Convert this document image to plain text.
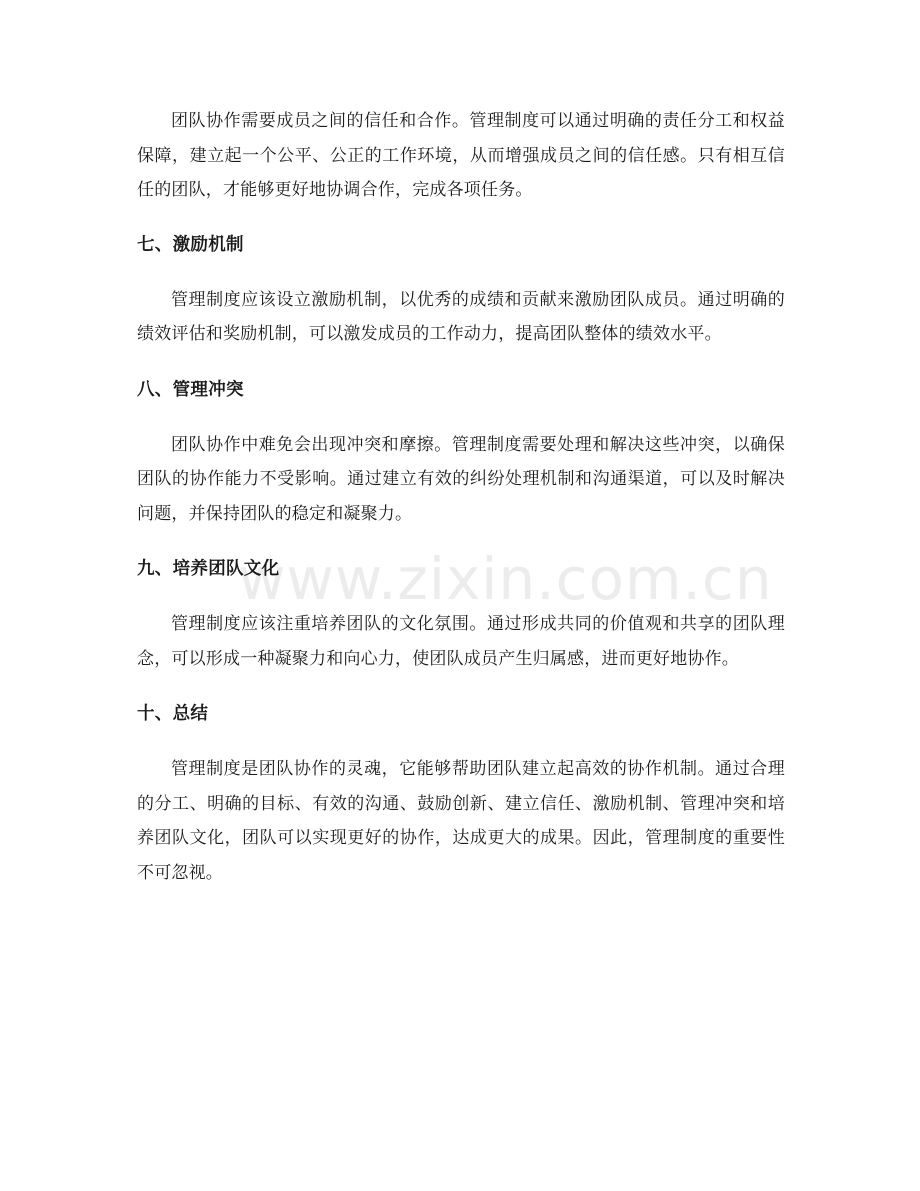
www.zixin.com.cn

团队协作需要成员之间的信任和合作。管理制度可以通过明确的责任分工和权益保障，建立起一个公平、公正的工作环境，从而增强成员之间的信任感。只有相互信任的团队，才能够更好地协调合作，完成各项任务。

七、激励机制

管理制度应该设立激励机制，以优秀的成绩和贡献来激励团队成员。通过明确的绩效评估和奖励机制，可以激发成员的工作动力，提高团队整体的绩效水平。

八、管理冲突

团队协作中难免会出现冲突和摩擦。管理制度需要处理和解决这些冲突，以确保团队的协作能力不受影响。通过建立有效的纠纷处理机制和沟通渠道，可以及时解决问题，并保持团队的稳定和凝聚力。

九、培养团队文化

管理制度应该注重培养团队的文化氛围。通过形成共同的价值观和共享的团队理念，可以形成一种凝聚力和向心力，使团队成员产生归属感，进而更好地协作。

十、总结

管理制度是团队协作的灵魂，它能够帮助团队建立起高效的协作机制。通过合理的分工、明确的目标、有效的沟通、鼓励创新、建立信任、激励机制、管理冲突和培养团队文化，团队可以实现更好的协作，达成更大的成果。因此，管理制度的重要性不可忽视。
